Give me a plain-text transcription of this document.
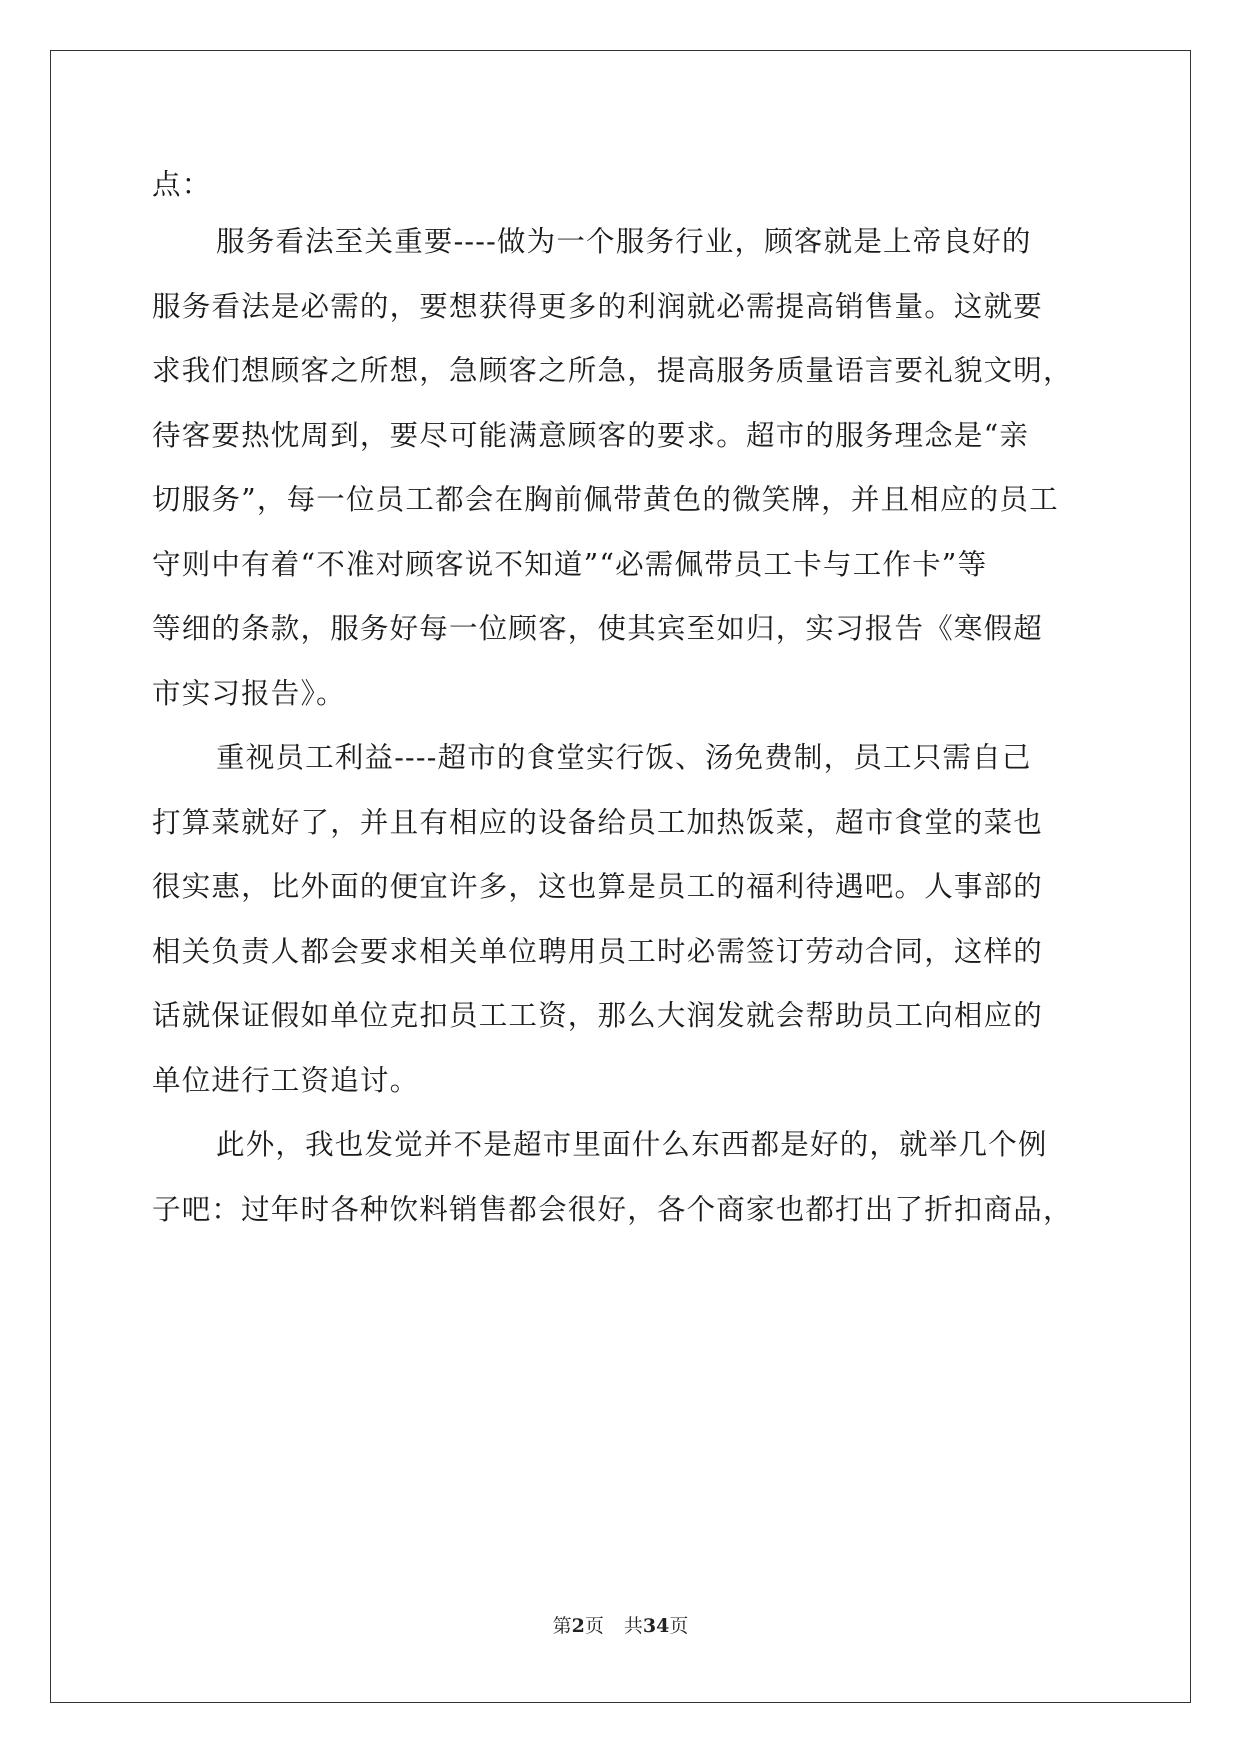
点：
服务看法至关重要----做为一个服务行业，顾客就是上帝良好的
服务看法是必需的，要想获得更多的利润就必需提高销售量。这就要
求我们想顾客之所想，急顾客之所急，提高服务质量语言要礼貌文明，
待客要热忱周到，要尽可能满意顾客的要求。超市的服务理念是“亲
切服务”，每一位员工都会在胸前佩带黄色的微笑牌，并且相应的员工
守则中有着“不准对顾客说不知道”“必需佩带员工卡与工作卡”等
等细的条款，服务好每一位顾客，使其宾至如归，实习报告《寒假超
市实习报告》。
重视员工利益----超市的食堂实行饭、汤免费制，员工只需自己
打算菜就好了，并且有相应的设备给员工加热饭菜，超市食堂的菜也
很实惠，比外面的便宜许多，这也算是员工的福利待遇吧。人事部的
相关负责人都会要求相关单位聘用员工时必需签订劳动合同，这样的
话就保证假如单位克扣员工工资，那么大润发就会帮助员工向相应的
单位进行工资追讨。
此外，我也发觉并不是超市里面什么东西都是好的，就举几个例
子吧：过年时各种饮料销售都会很好，各个商家也都打出了折扣商品，
第2页 共34页
